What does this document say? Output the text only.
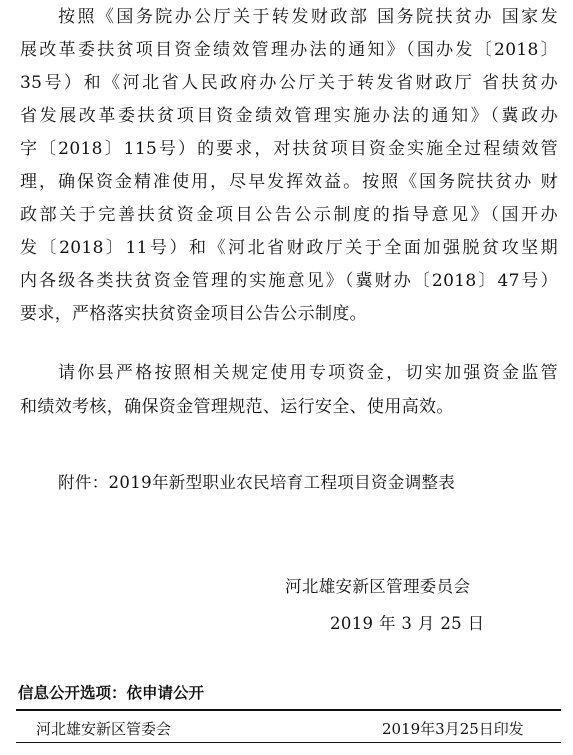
按照《国务院办公厅关于转发财政部 国务院扶贫办 国家发
展改革委扶贫项目资金绩效管理办法的通知》（国办发〔2018〕
35号）和《河北省人民政府办公厅关于转发省财政厅 省扶贫办
省发展改革委扶贫项目资金绩效管理实施办法的通知》（冀政办
字〔2018〕115号）的要求，对扶贫项目资金实施全过程绩效管
理，确保资金精准使用，尽早发挥效益。按照《国务院扶贫办 财
政部关于完善扶贫资金项目公告公示制度的指导意见》（国开办
发〔2018〕11号）和《河北省财政厅关于全面加强脱贫攻坚期
内各级各类扶贫资金管理的实施意见》（冀财办〔2018〕47号）
要求，严格落实扶贫资金项目公告公示制度。
请你县严格按照相关规定使用专项资金，切实加强资金监管
和绩效考核，确保资金管理规范、运行安全、使用高效。
附件：2019年新型职业农民培育工程项目资金调整表
河北雄安新区管理委员会
2019 年 3 月 25 日
信息公开选项：依申请公开
河北雄安新区管委会	2019年3月25日印发
